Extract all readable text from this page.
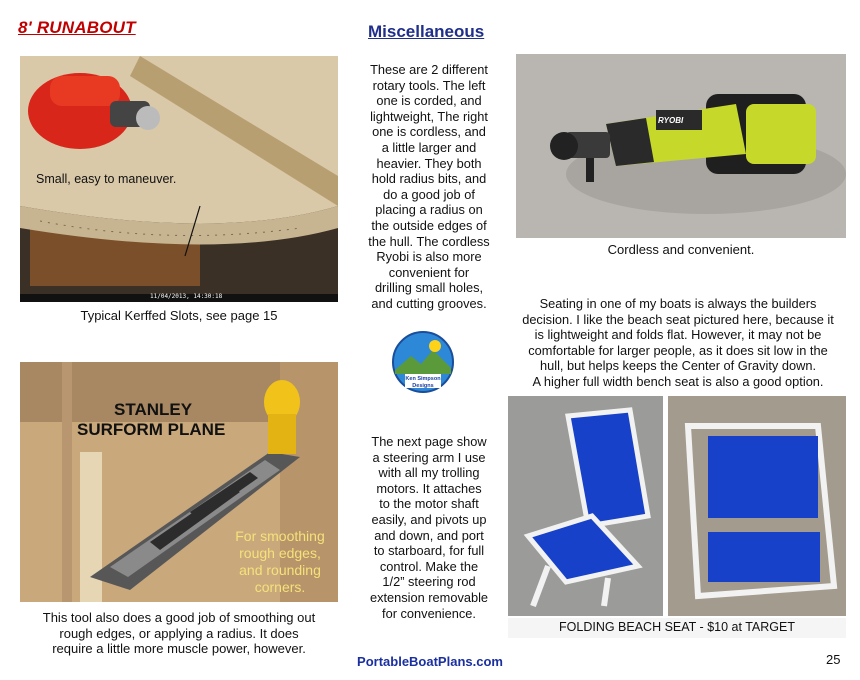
8' RUNABOUT	Miscellaneous
Small, easy to maneuver.
11/04/2013, 14:30:18
Typical Kerffed Slots, see page 15
STANLEY
SURFORM PLANE
For smoothing
rough edges,
and rounding
corners.
This tool also does a good job of smoothing out
rough edges, or applying a radius. It does
require a little more muscle power, however.
These are 2 different
rotary tools. The left
one is corded, and
lightweight, The right
one is cordless, and
a little larger and
heavier. They both
hold radius bits, and
do a good job of
placing a radius on
the outside edges of
the hull. The cordless
Ryobi is also more
convenient for
drilling small holes,
and cutting grooves.
Ken Simpson
Designs
The next page show
a steering arm I use
with all my trolling
motors. It attaches
to the motor shaft
easily, and pivots up
and down, and port
to starboard, for full
control. Make the
1/2” steering rod
extension removable
for convenience.
RYOBI
Cordless and convenient.
Seating in one of my boats is always the builders
decision. I like the beach seat pictured here, because it
is lightweight and folds flat. However, it may not be
comfortable for larger people, as it does sit low in the
hull, but helps keeps the Center of Gravity down.
A higher full width bench seat is also a good option.
FOLDING BEACH SEAT - $10 at TARGET
PortableBoatPlans.com	25
